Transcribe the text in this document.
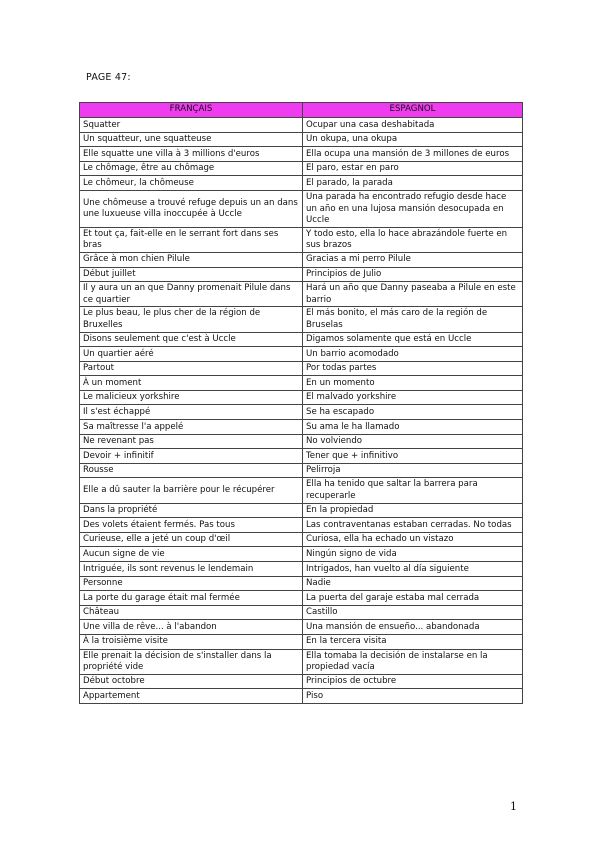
PAGE 47:
FRANÇAIS	ESPAGNOL
Squatter	Ocupar una casa deshabitada
Un squatteur, une squatteuse	Un okupa, una okupa
Elle squatte une villa à 3 millions d'euros	Ella ocupa una mansión de 3 millones de euros
Le chômage, être au chômage	El paro, estar en paro
Le chômeur, la chômeuse	El parado, la parada
Une chômeuse a trouvé refuge depuis un an dans une luxueuse villa inoccupée à Uccle	Una parada ha encontrado refugio desde hace un año en una lujosa mansión desocupada en Uccle
Et tout ça, fait-elle en le serrant fort dans ses bras	Y todo esto, ella lo hace abrazándole fuerte en sus brazos
Grâce à mon chien Pilule	Gracias a mi perro Pilule
Début juillet	Principios de Julio
Il y aura un an que Danny promenait Pilule dans ce quartier	Hará un año que Danny paseaba a Pilule en este barrio
Le plus beau, le plus cher de la région de Bruxelles	El más bonito, el más caro de la región de Bruselas
Disons seulement que c'est à Uccle	Digamos solamente que está en Uccle
Un quartier aéré	Un barrio acomodado
Partout	Por todas partes
À un moment	En un momento
Le malicieux yorkshire	El malvado yorkshire
Il s'est échappé	Se ha escapado
Sa maîtresse l'a appelé	Su ama le ha llamado
Ne revenant pas	No volviendo
Devoir + infinitif	Tener que + infinitivo
Rousse	Pelirroja
Elle a dû sauter la barrière pour le récupérer	Ella ha tenido que saltar la barrera para recuperarle
Dans la propriété	En la propiedad
Des volets étaient fermés. Pas tous	Las contraventanas estaban cerradas. No todas
Curieuse, elle a jeté un coup d'œil	Curiosa, ella ha echado un vistazo
Aucun signe de vie	Ningún signo de vida
Intriguée, ils sont revenus le lendemain	Intrigados, han vuelto al día siguiente
Personne	Nadie
La porte du garage était mal fermée	La puerta del garaje estaba mal cerrada
Château	Castillo
Une villa de rêve... à l'abandon	Una mansión de ensueño... abandonada
À la troisième visite	En la tercera visita
Elle prenait la décision de s'installer dans la propriété vide	Ella tomaba la decisión de instalarse en la propiedad vacía
Début octobre	Principios de octubre
Appartement	Piso
1
